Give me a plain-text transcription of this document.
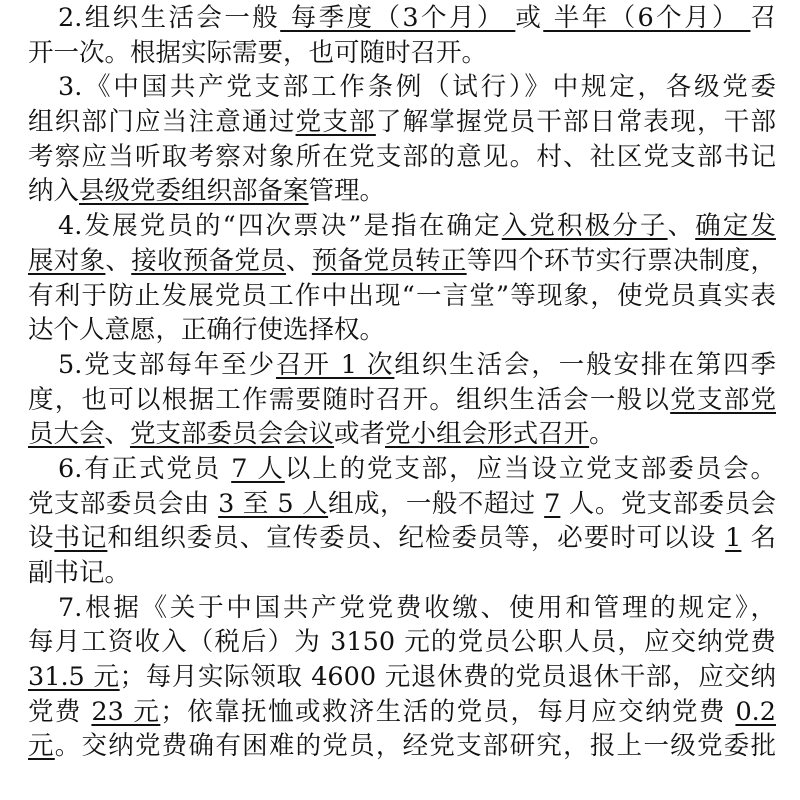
2.组织生活会一般 每季度（3个月） 或 半年（6个月） 召
开一次。根据实际需要，也可随时召开。
3.《中国共产党支部工作条例（试行）》中规定，各级党委
组织部门应当注意通过党支部了解掌握党员干部日常表现，干部
考察应当听取考察对象所在党支部的意见。村、社区党支部书记
纳入县级党委组织部备案管理。
4.发展党员的“四次票决”是指在确定入党积极分子、确定发
展对象、接收预备党员、预备党员转正等四个环节实行票决制度，
有利于防止发展党员工作中出现“一言堂”等现象，使党员真实表
达个人意愿，正确行使选择权。
5.党支部每年至少召开 1 次组织生活会，一般安排在第四季
度，也可以根据工作需要随时召开。组织生活会一般以党支部党
员大会、党支部委员会会议或者党小组会形式召开。
6.有正式党员 7 人以上的党支部，应当设立党支部委员会。
党支部委员会由 3 至 5 人组成，一般不超过 7 人。党支部委员会
设书记和组织委员、宣传委员、纪检委员等，必要时可以设 1 名
副书记。
7.根据《关于中国共产党党费收缴、使用和管理的规定》，
每月工资收入（税后）为 3150 元的党员公职人员，应交纳党费
31.5 元；每月实际领取 4600 元退休费的党员退休干部，应交纳
党费 23 元；依靠抚恤或救济生活的党员，每月应交纳党费 0.2
元。交纳党费确有困难的党员，经党支部研究，报上一级党委批
